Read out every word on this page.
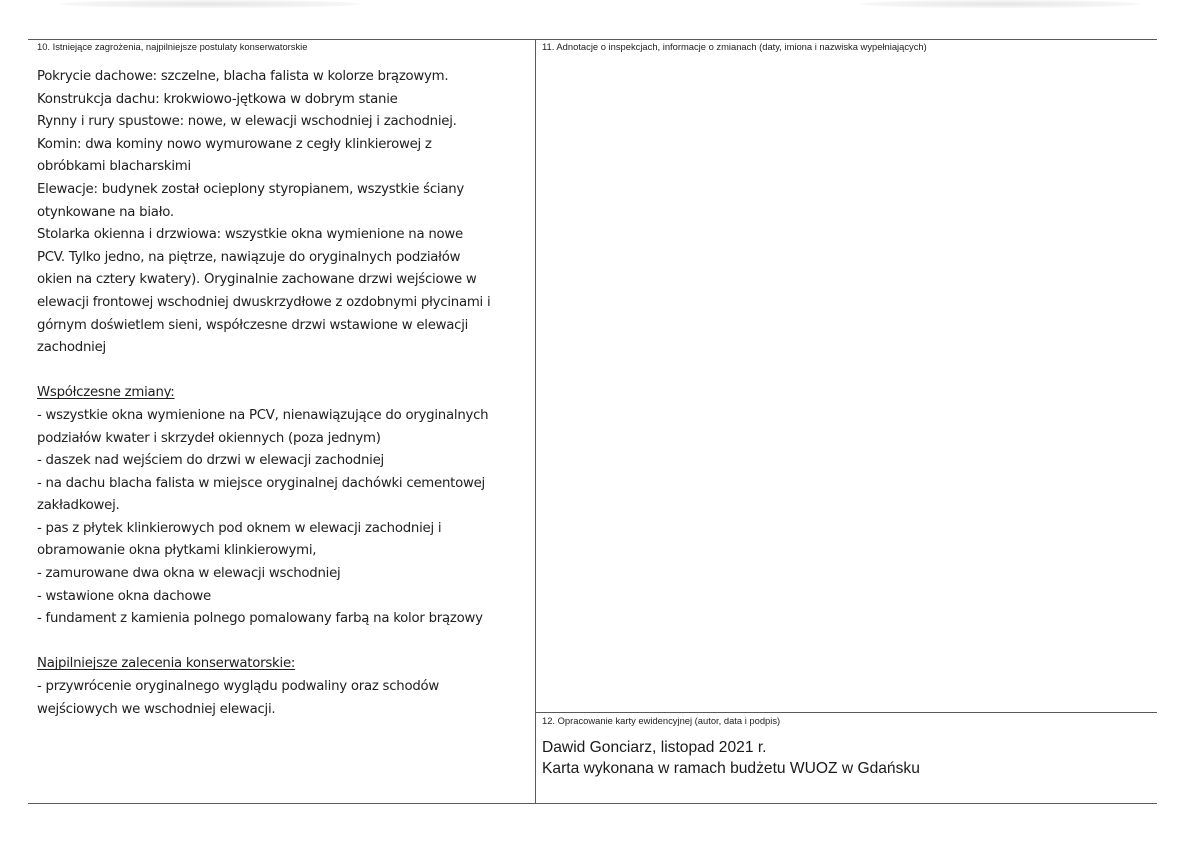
10. Istniejące zagrożenia, najpilniejsze postulaty konserwatorskie	11. Adnotacje o inspekcjach, informacje o zmianach (daty, imiona i nazwiska wypełniających)
12. Opracowanie karty ewidencyjnej (autor, data i podpis)
Pokrycie dachowe: szczelne, blacha falista w kolorze brązowym.
Konstrukcja dachu: krokwiowo-jętkowa w dobrym stanie
Rynny i rury spustowe: nowe, w elewacji wschodniej i zachodniej.
Komin: dwa kominy nowo wymurowane z cegły klinkierowej z
obróbkami blacharskimi
Elewacje: budynek został ocieplony styropianem, wszystkie ściany
otynkowane na biało.
Stolarka okienna i drzwiowa: wszystkie okna wymienione na nowe
PCV. Tylko jedno, na piętrze, nawiązuje do oryginalnych podziałów
okien na cztery kwatery). Oryginalnie zachowane drzwi wejściowe w
elewacji frontowej wschodniej dwuskrzydłowe z ozdobnymi płycinami i
górnym doświetlem sieni, współczesne drzwi wstawione w elewacji
zachodniej
Współczesne zmiany:
- wszystkie okna wymienione na PCV, nienawiązujące do oryginalnych
podziałów kwater i skrzydeł okiennych (poza jednym)
- daszek nad wejściem do drzwi w elewacji zachodniej
- na dachu blacha falista w miejsce oryginalnej dachówki cementowej
zakładkowej.
- pas z płytek klinkierowych pod oknem w elewacji zachodniej i
obramowanie okna płytkami klinkierowymi,
- zamurowane dwa okna w elewacji wschodniej
- wstawione okna dachowe
- fundament z kamienia polnego pomalowany farbą na kolor brązowy
Najpilniejsze zalecenia konserwatorskie:
- przywrócenie oryginalnego wyglądu podwaliny oraz schodów
wejściowych we wschodniej elewacji.
Dawid Gonciarz, listopad 2021 r.
Karta wykonana w ramach budżetu WUOZ w Gdańsku
